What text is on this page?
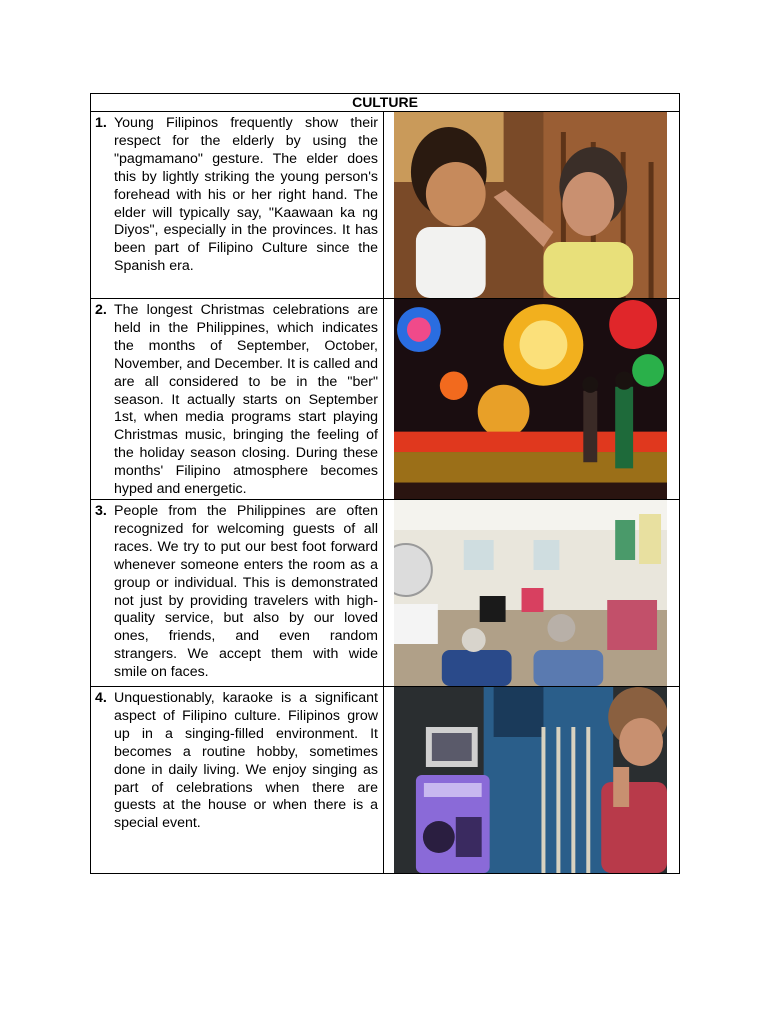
CULTURE	

1. Young Filipinos frequently show their respect for the elderly by using the "pagmamano" gesture. The elder does this by lightly striking the young person's forehead with his or her right hand. The elder will typically say, "Kaawaan ka ng Diyos", especially in the provinces. It has been part of Filipino Culture since the Spanish era.

2. The longest Christmas celebrations are held in the Philippines, which indicates the months of September, October, November, and December. It is called and are all considered to be in the "ber" season. It actually starts on September 1st, when media programs start playing Christmas music, bringing the feeling of the holiday season closing. During these months' Filipino atmosphere becomes hyped and energetic.

3. People from the Philippines are often recognized for welcoming guests of all races. We try to put our best foot forward whenever someone enters the room as a group or individual. This is demonstrated not just by providing travelers with high-quality service, but also by our loved ones, friends, and even random strangers. We accept them with wide smile on faces.

4. Unquestionably, karaoke is a significant aspect of Filipino culture. Filipinos grow up in a singing-filled environment. It becomes a routine hobby, sometimes done in daily living. We enjoy singing as part of celebrations when there are guests at the house or when there is a special event.
